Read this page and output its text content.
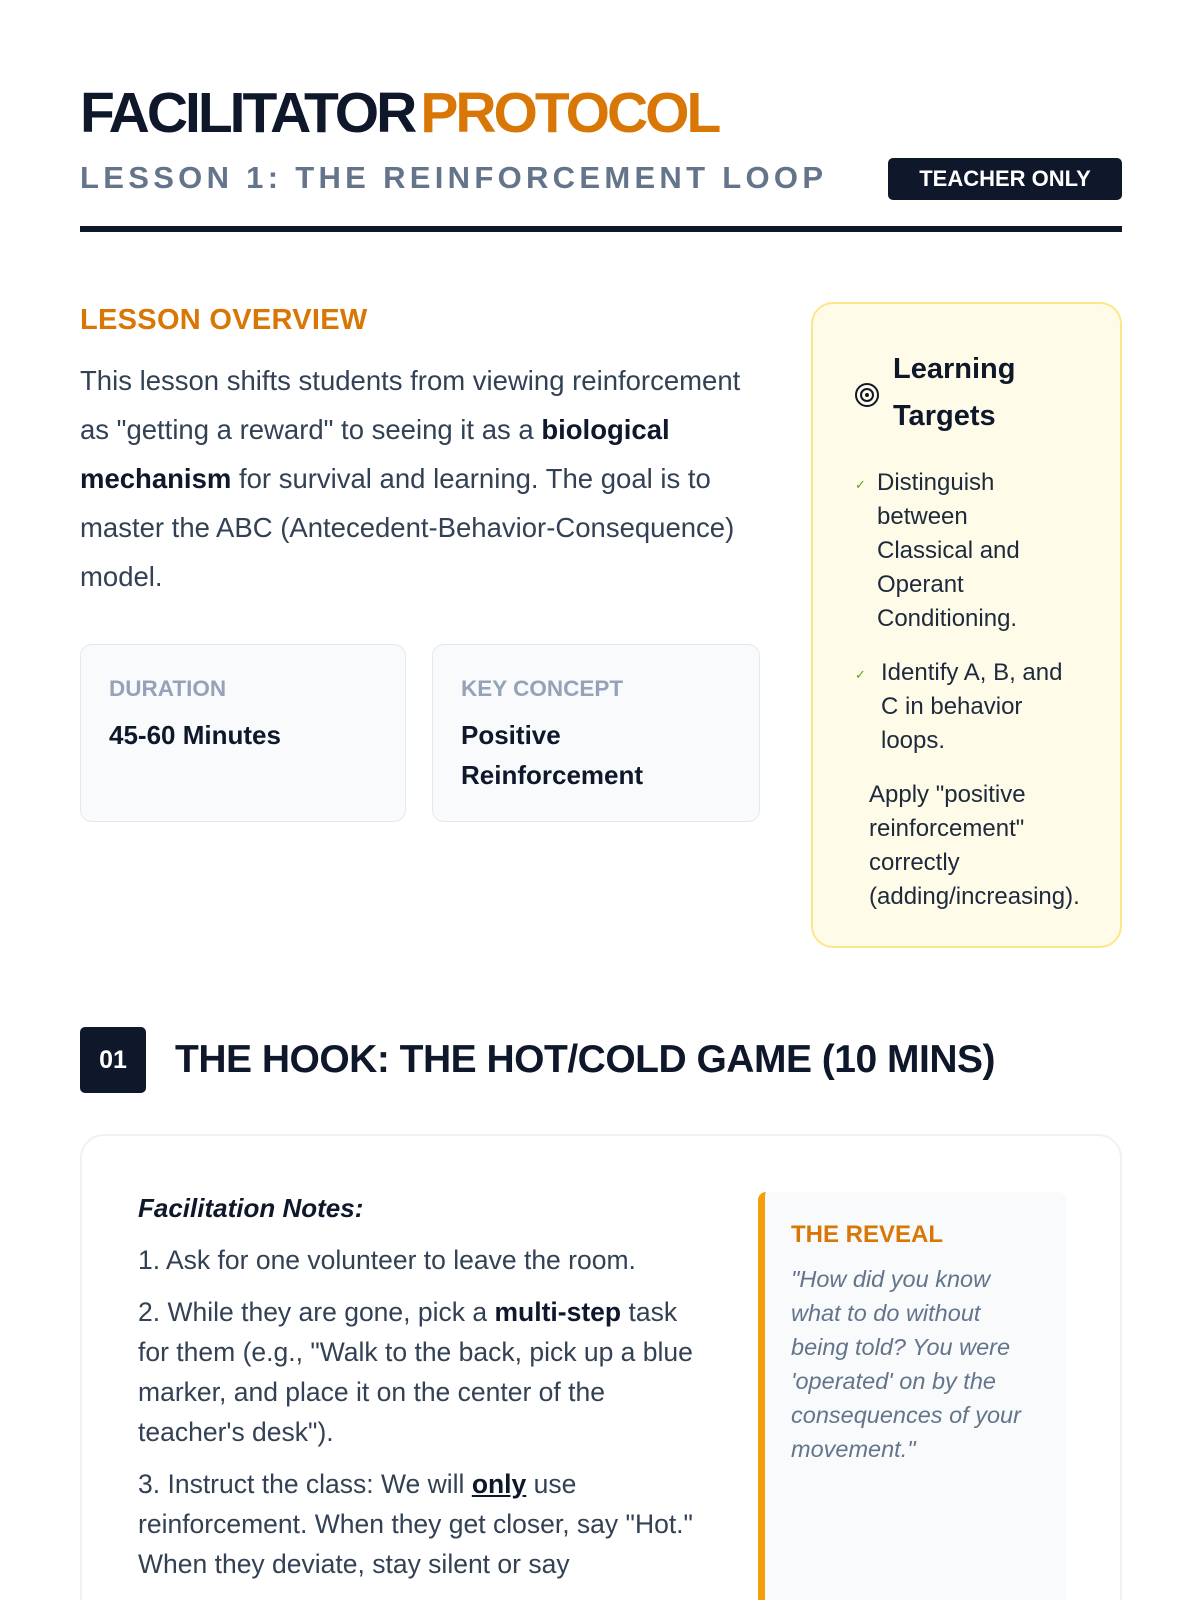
FACILITATOR PROTOCOL
LESSON 1: THE REINFORCEMENT LOOP	TEACHER ONLY
LESSON OVERVIEW

This lesson shifts students from viewing reinforcement as "getting a reward" to seeing it as a biological mechanism for survival and learning. The goal is to master the ABC (Antecedent-Behavior-Consequence) model.

DURATION
45-60 Minutes
KEY CONCEPT
Positive Reinforcement
Learning Targets
✓ Distinguish between Classical and Operant Conditioning.
✓ Identify A, B, and C in behavior loops.
Apply "positive reinforcement" correctly (adding/increasing).
01	THE HOOK: THE HOT/COLD GAME (10 MINS)
Facilitation Notes:

1. Ask for one volunteer to leave the room.

2. While they are gone, pick a multi-step task for them (e.g., "Walk to the back, pick up a blue marker, and place it on the center of the teacher's desk").

3. Instruct the class: We will only use reinforcement. When they get closer, say "Hot." When they deviate, stay silent or say

THE REVEAL
"How did you know what to do without being told? You were 'operated' on by the consequences of your movement."
